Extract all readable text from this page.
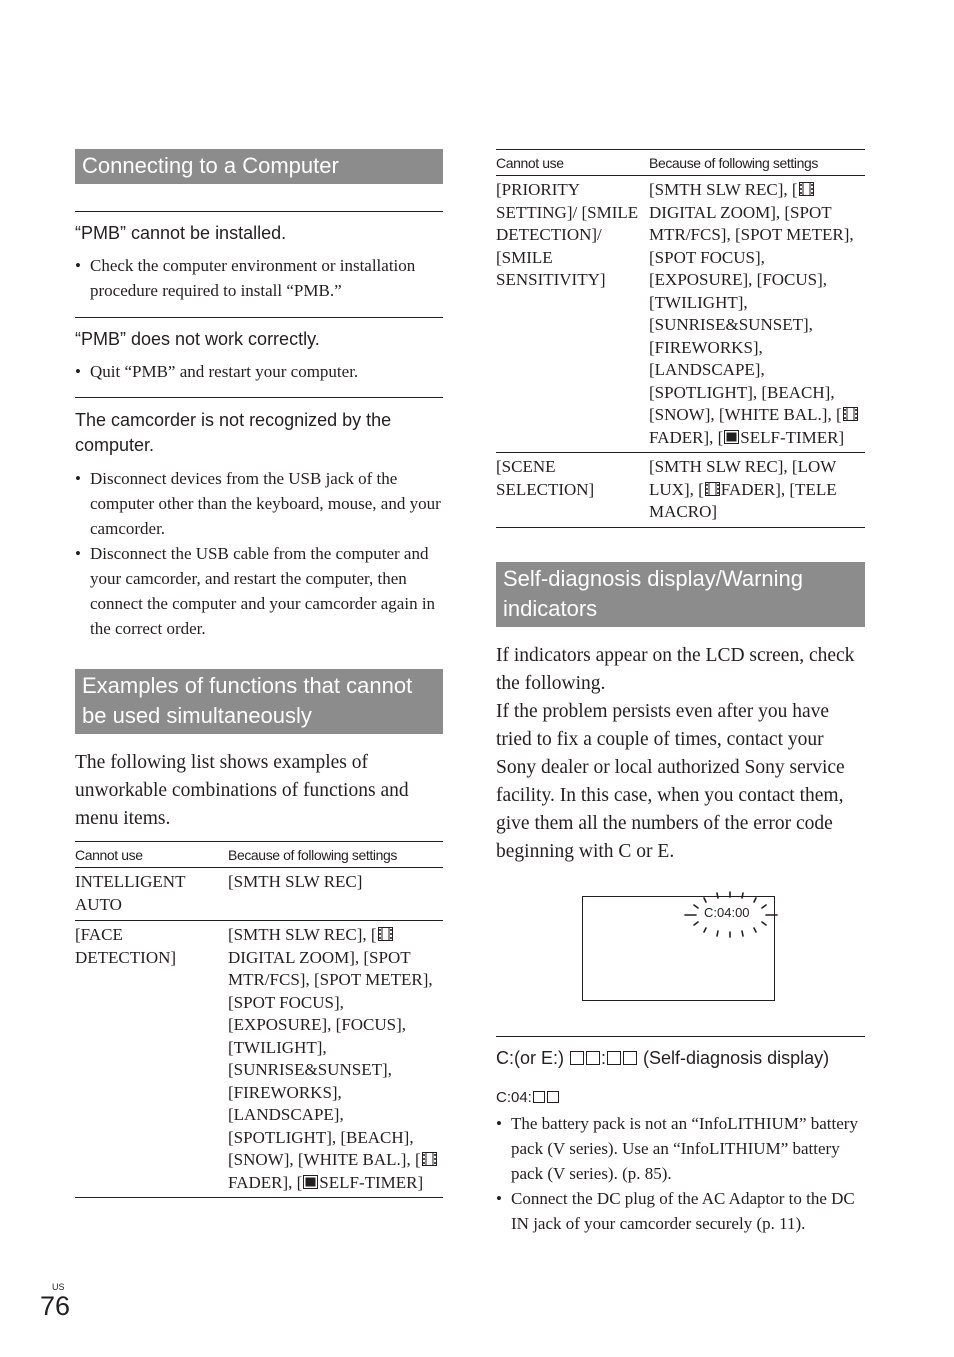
Connecting to a Computer
“PMB” cannot be installed.
• Check the computer environment or installation procedure required to install “PMB.”
“PMB” does not work correctly.
• Quit “PMB” and restart your computer.
The camcorder is not recognized by the computer.
• Disconnect devices from the USB jack of the computer other than the keyboard, mouse, and your camcorder.
• Disconnect the USB cable from the computer and your camcorder, and restart the computer, then connect the computer and your camcorder again in the correct order.
Examples of functions that cannot be used simultaneously

The following list shows examples of unworkable combinations of functions and menu items.

Cannot use	Because of following settings
INTELLIGENT AUTO	[SMTH SLW REC]
[FACE DETECTION]	[SMTH SLW REC], [DIGITAL ZOOM], [SPOT MTR/FCS], [SPOT METER], [SPOT FOCUS], [EXPOSURE], [FOCUS], [TWILIGHT], [SUNRISE&SUNSET], [FIREWORKS], [LANDSCAPE], [SPOTLIGHT], [BEACH], [SNOW], [WHITE BAL.], [FADER], [ SELF-TIMER]
Cannot use	Because of following settings
[PRIORITY SETTING]/ [SMILE DETECTION]/ [SMILE SENSITIVITY]	[SMTH SLW REC], [DIGITAL ZOOM], [SPOT MTR/FCS], [SPOT METER], [SPOT FOCUS], [EXPOSURE], [FOCUS], [TWILIGHT], [SUNRISE&SUNSET], [FIREWORKS], [LANDSCAPE], [SPOTLIGHT], [BEACH], [SNOW], [WHITE BAL.], [FADER], [ SELF-TIMER]
[SCENE SELECTION]	[SMTH SLW REC], [LOW LUX], [ FADER], [TELE MACRO]
Self-diagnosis display/Warning indicators

If indicators appear on the LCD screen, check the following.

If the problem persists even after you have tried to fix a couple of times, contact your Sony dealer or local authorized Sony service facility. In this case, when you contact them, give them all the numbers of the error code beginning with C or E.

C:04:00
C:(or E:) : (Self-diagnosis display)
C:04:
• The battery pack is not an “InfoLITHIUM” battery pack (V series). Use an “InfoLITHIUM” battery pack (V series). (p. 85).
• Connect the DC plug of the AC Adaptor to the DC IN jack of your camcorder securely (p. 11).
US
76
